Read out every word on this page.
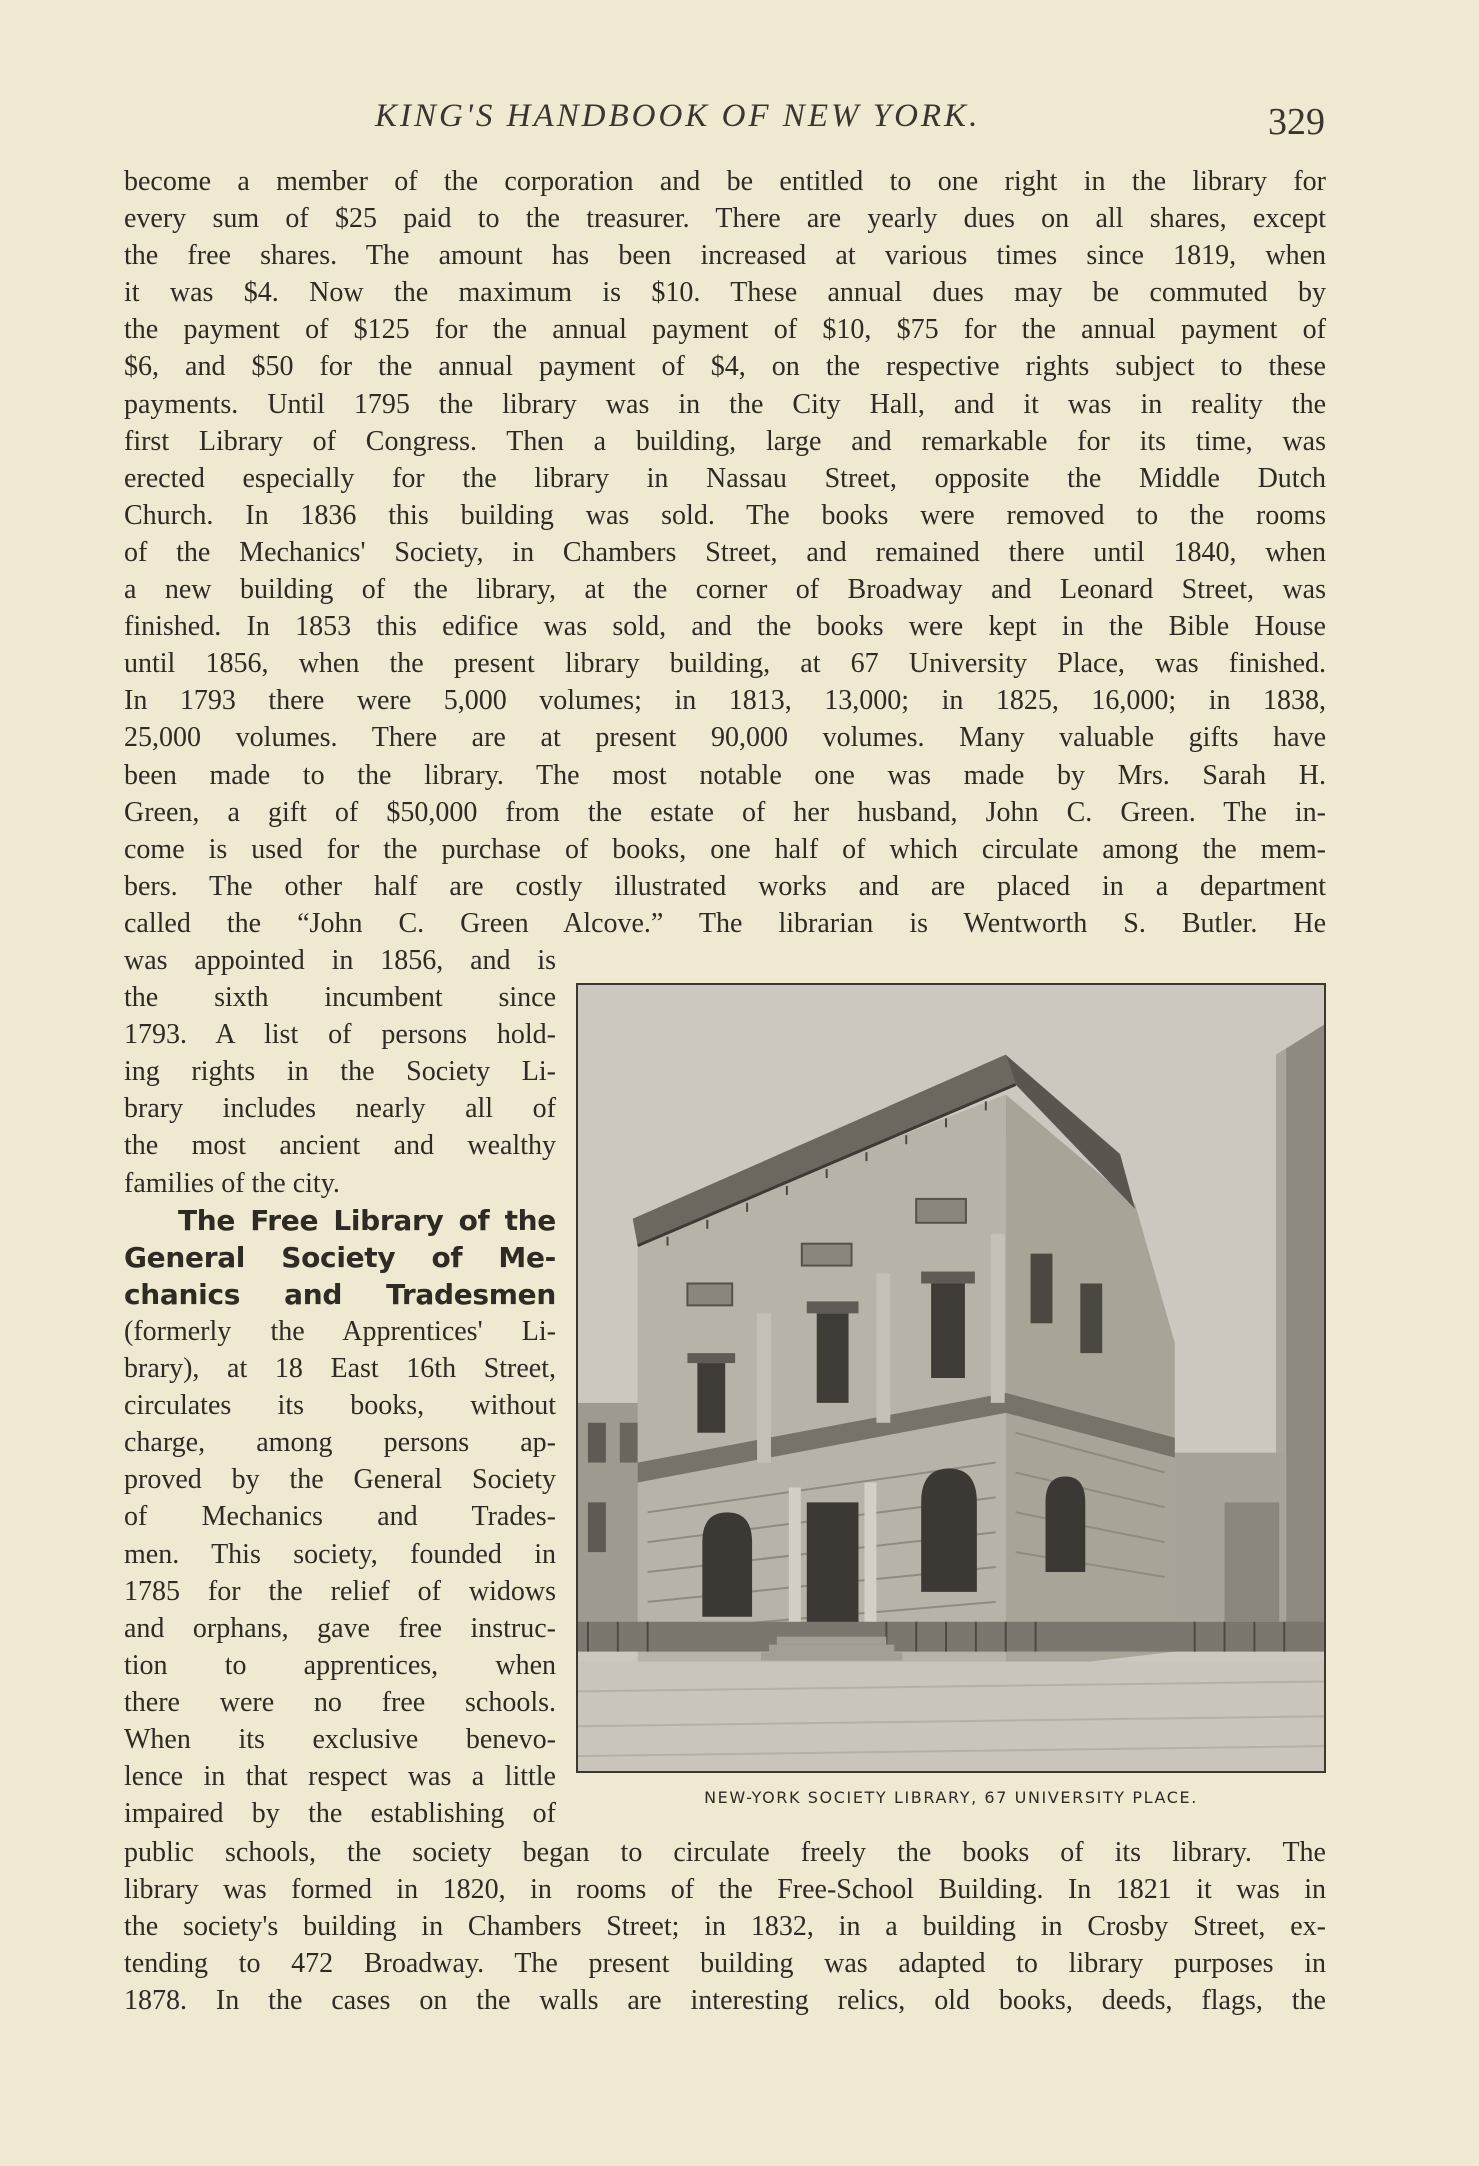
KING'S HANDBOOK OF NEW YORK.	329
become a member of the corporation and be entitled to one right in the library for
every sum of $25 paid to the treasurer. There are yearly dues on all shares, except
the free shares. The amount has been increased at various times since 1819, when
it was $4. Now the maximum is $10. These annual dues may be commuted by
the payment of $125 for the annual payment of $10, $75 for the annual payment of
$6, and $50 for the annual payment of $4, on the respective rights subject to these
payments. Until 1795 the library was in the City Hall, and it was in reality the
first Library of Congress. Then a building, large and remarkable for its time, was
erected especially for the library in Nassau Street, opposite the Middle Dutch
Church. In 1836 this building was sold. The books were removed to the rooms
of the Mechanics' Society, in Chambers Street, and remained there until 1840, when
a new building of the library, at the corner of Broadway and Leonard Street, was
finished. In 1853 this edifice was sold, and the books were kept in the Bible House
until 1856, when the present library building, at 67 University Place, was finished.
In 1793 there were 5,000 volumes; in 1813, 13,000; in 1825, 16,000; in 1838,
25,000 volumes. There are at present 90,000 volumes. Many valuable gifts have
been made to the library. The most notable one was made by Mrs. Sarah H.
Green, a gift of $50,000 from the estate of her husband, John C. Green. The in-
come is used for the purchase of books, one half of which circulate among the mem-
bers. The other half are costly illustrated works and are placed in a department
called the “John C. Green Alcove.” The librarian is Wentworth S. Butler. He
was appointed in 1856, and is
the sixth incumbent since
1793. A list of persons hold-
ing rights in the Society Li-
brary includes nearly all of
the most ancient and wealthy
families of the city.
The Free Library of the
General Society of Me-
chanics and Tradesmen
(formerly the Apprentices' Li-
brary), at 18 East 16th Street,
circulates its books, without
charge, among persons ap-
proved by the General Society
of Mechanics and Trades-
men. This society, founded in
1785 for the relief of widows
and orphans, gave free instruc-
tion to apprentices, when
there were no free schools.
When its exclusive benevo-
lence in that respect was a little
impaired by the establishing of
NEW-YORK SOCIETY LIBRARY, 67 UNIVERSITY PLACE.
public schools, the society began to circulate freely the books of its library. The
library was formed in 1820, in rooms of the Free-School Building. In 1821 it was in
the society's building in Chambers Street; in 1832, in a building in Crosby Street, ex-
tending to 472 Broadway. The present building was adapted to library purposes in
1878. In the cases on the walls are interesting relics, old books, deeds, flags, the
